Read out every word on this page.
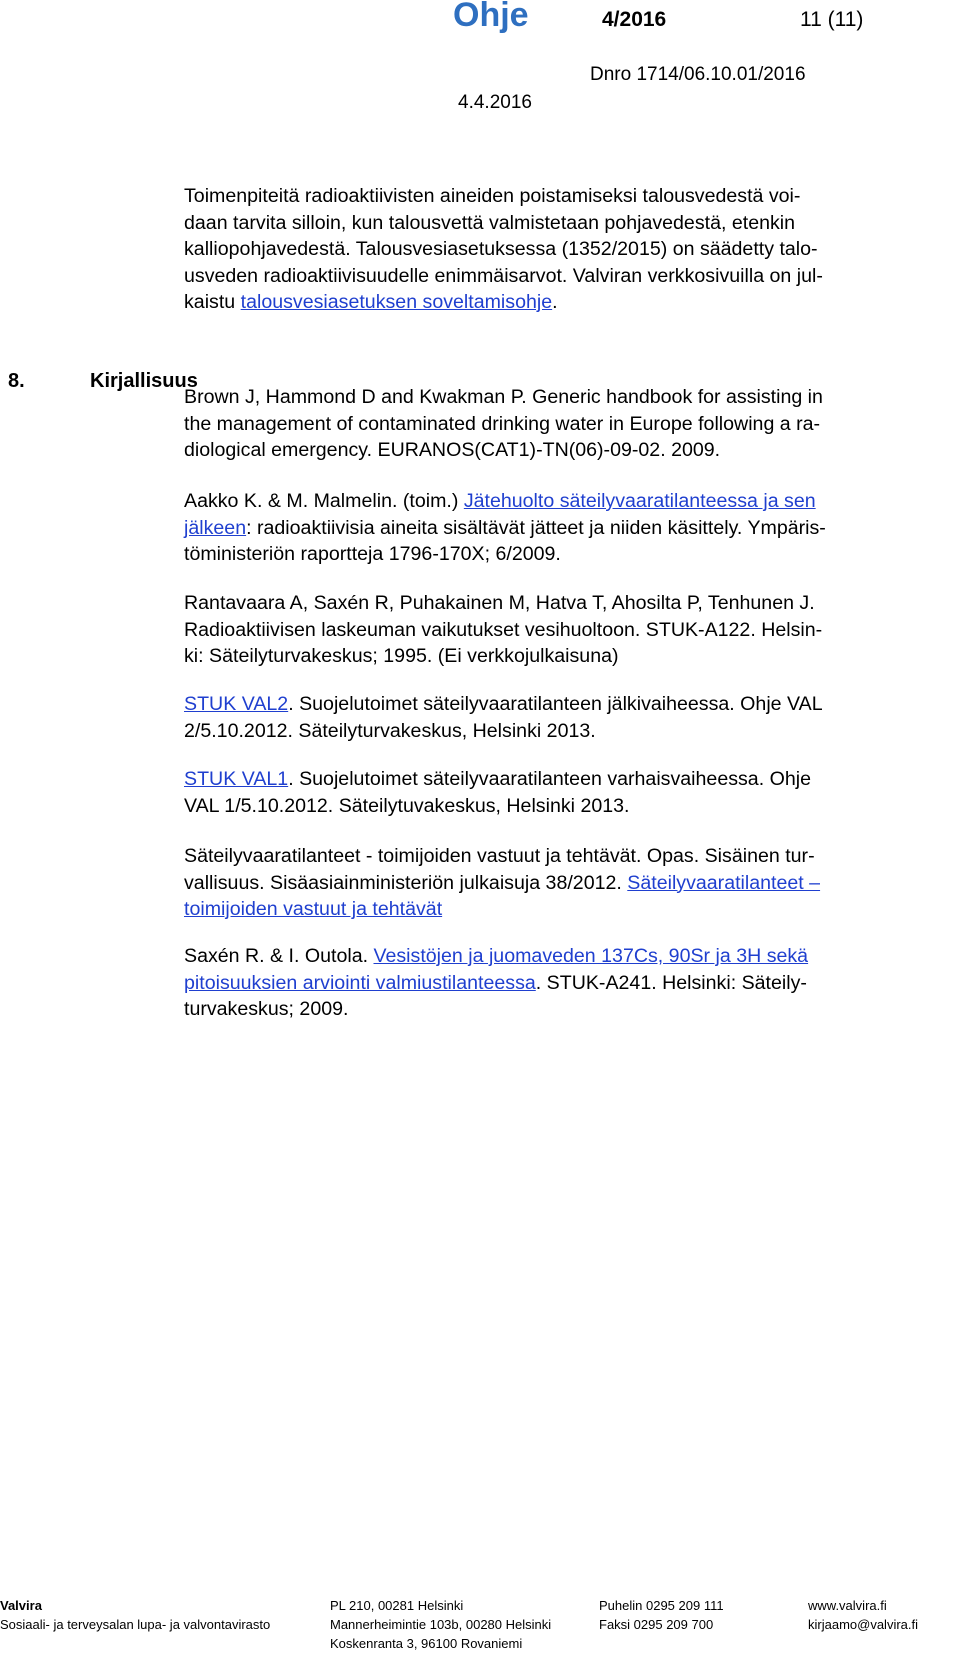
Ohje	4/2016	11 (11)
Dnro 1714/06.10.01/2016
4.4.2016
Toimenpiteitä radioaktiivisten aineiden poistamiseksi talousvedestä voi-
daan tarvita silloin, kun talousvettä valmistetaan pohjavedestä, etenkin
kalliopohjavedestä. Talousvesiasetuksessa (1352/2015) on säädetty talo-
usveden radioaktiivisuudelle enimmäisarvot. Valviran verkkosivuilla on jul-
kaistu talousvesiasetuksen soveltamisohje.
8.	Kirjallisuus
Brown J, Hammond D and Kwakman P. Generic handbook for assisting in
the management of contaminated drinking water in Europe following a ra-
diological emergency. EURANOS(CAT1)-TN(06)-09-02. 2009.
Aakko K. & M. Malmelin. (toim.) Jätehuolto säteilyvaaratilanteessa ja sen
jälkeen: radioaktiivisia aineita sisältävät jätteet ja niiden käsittely. Ympäris-
töministeriön raportteja 1796-170X; 6/2009.
Rantavaara A, Saxén R, Puhakainen M, Hatva T, Ahosilta P, Tenhunen J.
Radioaktiivisen laskeuman vaikutukset vesihuoltoon. STUK-A122. Helsin-
ki: Säteilyturvakeskus; 1995. (Ei verkkojulkaisuna)
STUK VAL2. Suojelutoimet säteilyvaaratilanteen jälkivaiheessa. Ohje VAL
2/5.10.2012. Säteilyturvakeskus, Helsinki 2013.
STUK VAL1. Suojelutoimet säteilyvaaratilanteen varhaisvaiheessa. Ohje
VAL 1/5.10.2012. Säteilytuvakeskus, Helsinki 2013.
Säteilyvaaratilanteet - toimijoiden vastuut ja tehtävät. Opas. Sisäinen tur-
vallisuus. Sisäasiainministeriön julkaisuja 38/2012. Säteilyvaaratilanteet –
toimijoiden vastuut ja tehtävät
Saxén R. & I. Outola. Vesistöjen ja juomaveden 137Cs, 90Sr ja 3H sekä
pitoisuuksien arviointi valmiustilanteessa. STUK-A241. Helsinki: Säteily-
turvakeskus; 2009.
Valvira
Sosiaali- ja terveysalan lupa- ja valvontavirasto
PL 210, 00281 Helsinki
Mannerheimintie 103b, 00280 Helsinki
Koskenranta 3, 96100 Rovaniemi
Puhelin 0295 209 111
Faksi 0295 209 700
www.valvira.fi
kirjaamo@valvira.fi
